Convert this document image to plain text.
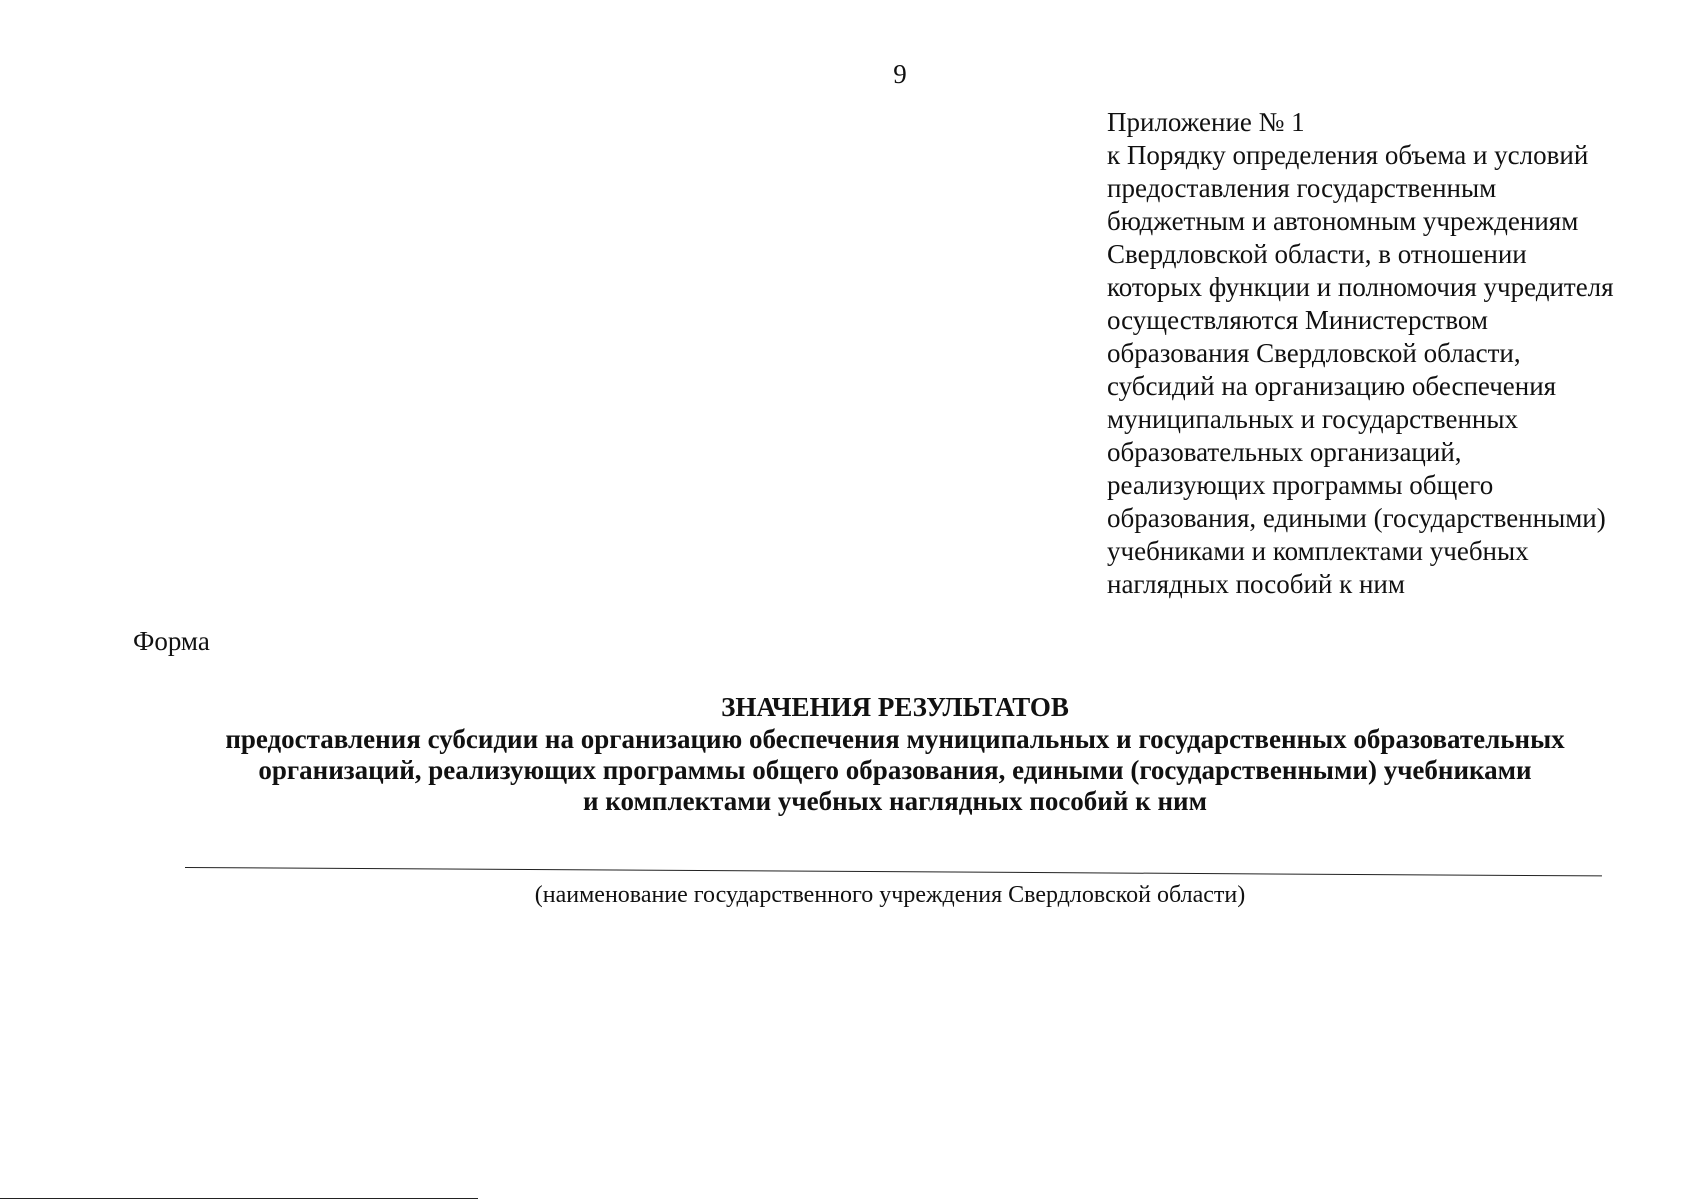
9
Приложение № 1
к Порядку определения объема и условий
предоставления государственным
бюджетным и автономным учреждениям
Свердловской области, в отношении
которых функции и полномочия учредителя
осуществляются Министерством
образования Свердловской области,
субсидий на организацию обеспечения
муниципальных и государственных
образовательных организаций,
реализующих программы общего
образования, едиными (государственными)
учебниками и комплектами учебных
наглядных пособий к ним
Форма
ЗНАЧЕНИЯ РЕЗУЛЬТАТОВ
предоставления субсидии на организацию обеспечения муниципальных и государственных образовательных
организаций, реализующих программы общего образования, едиными (государственными) учебниками
и комплектами учебных наглядных пособий к ним
(наименование государственного учреждения Свердловской области)
